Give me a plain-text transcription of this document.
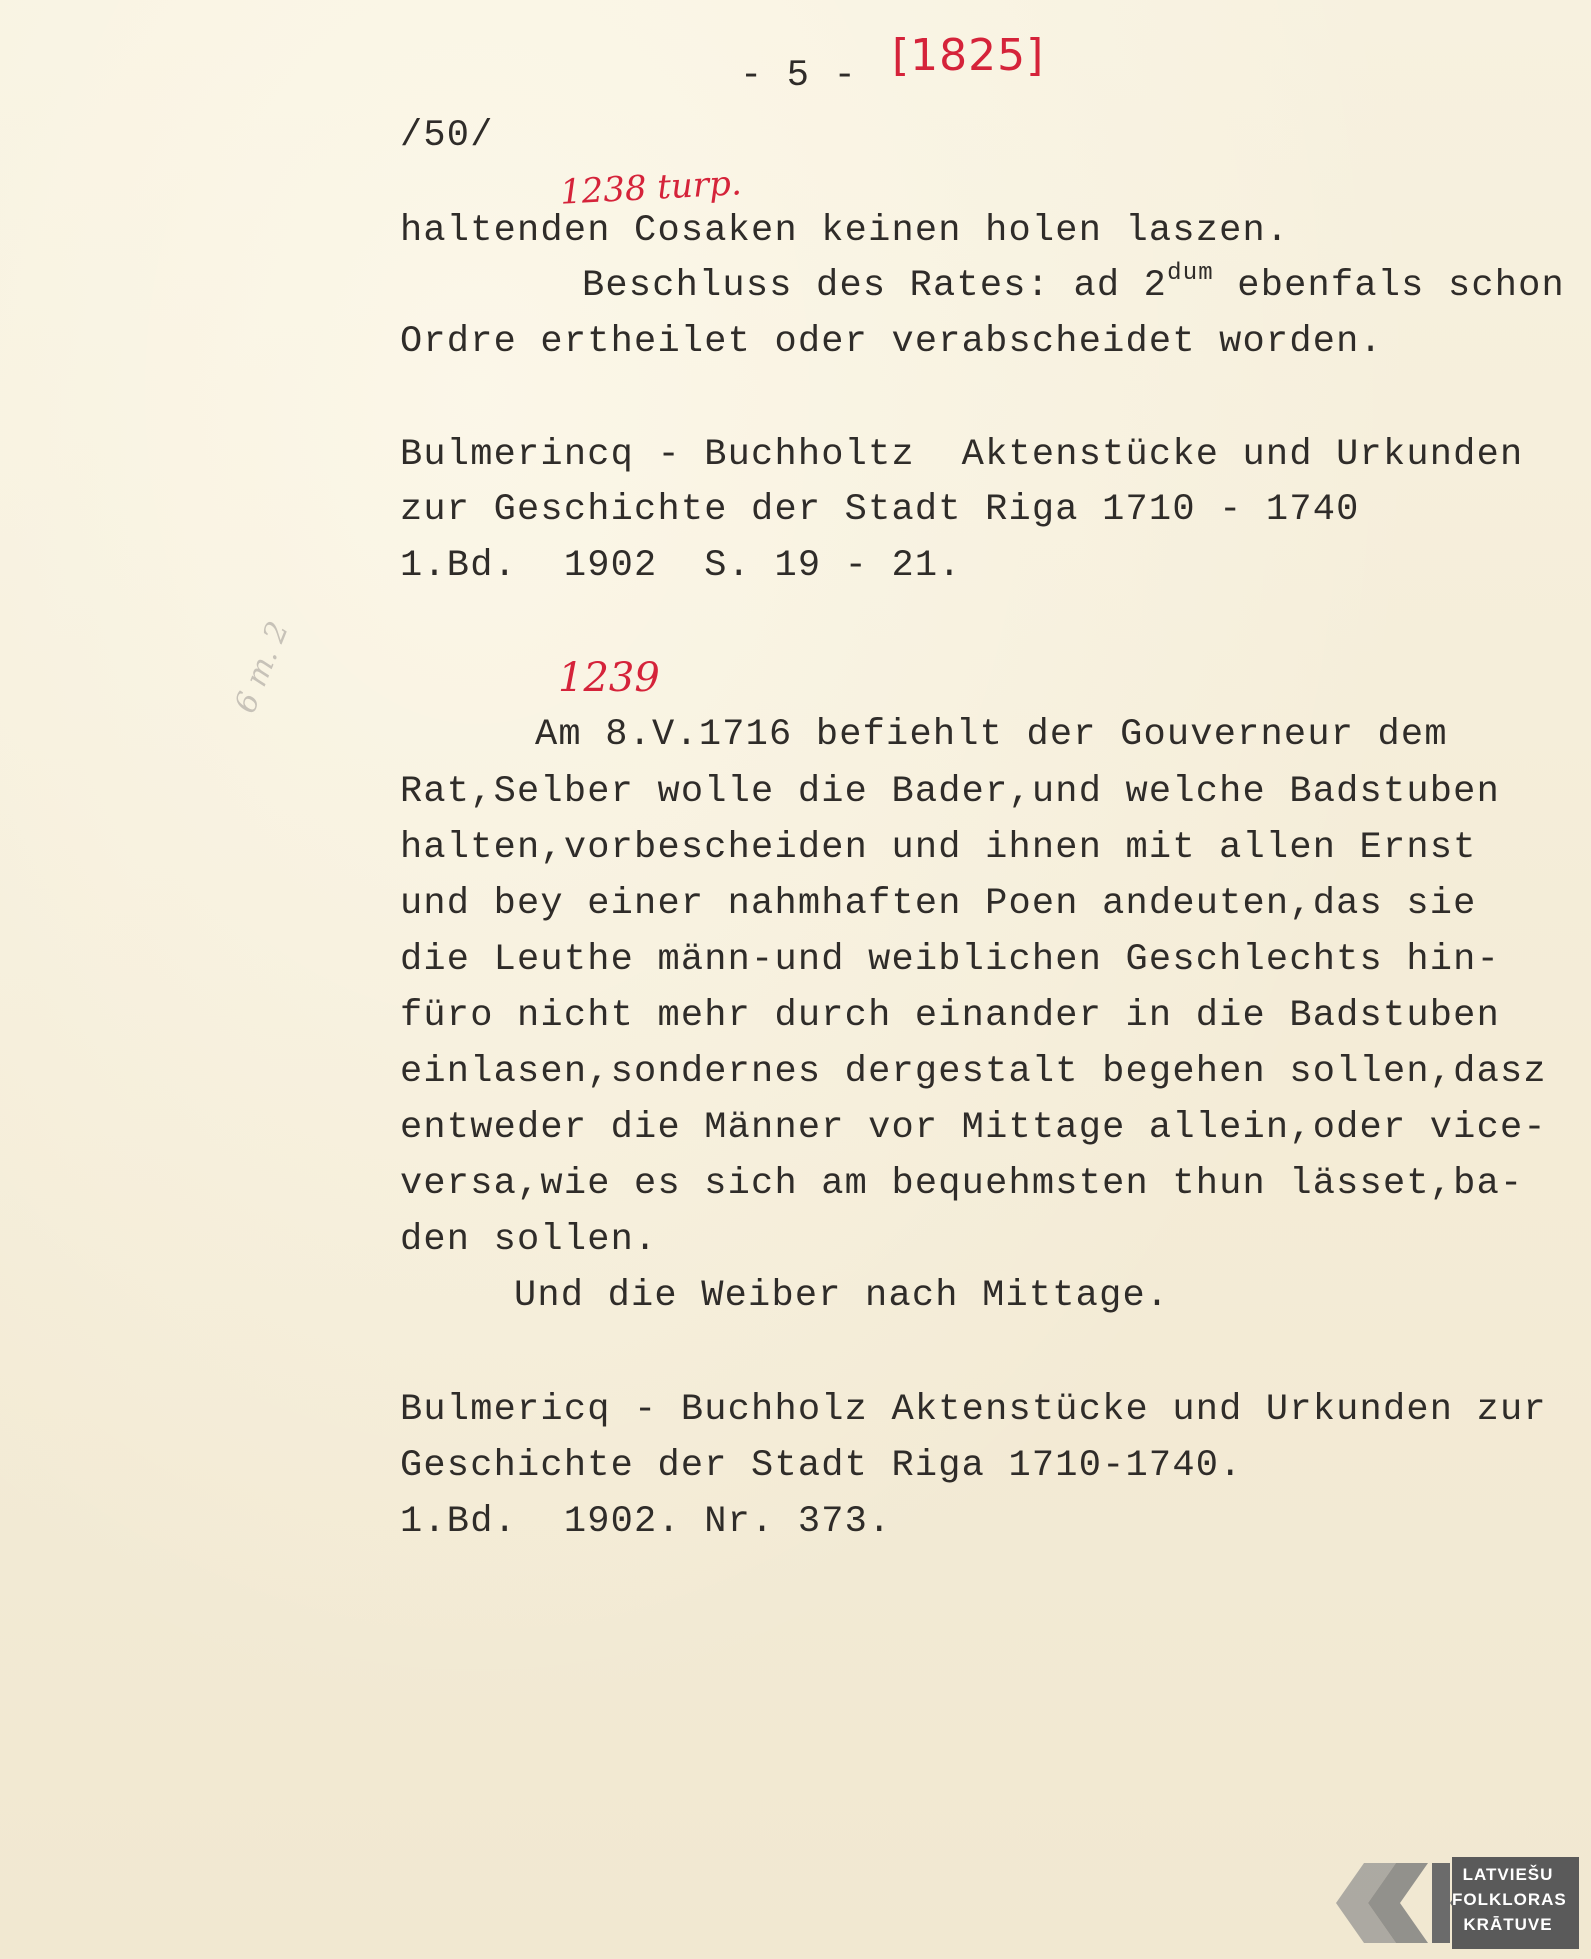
- 5 - [1825]
/50/
1238 turp.
haltenden Cosaken keinen holen laszen.
Beschluss des Rates: ad $2^{dum}$ ebenfals schon
Ordre ertheilet oder verabscheidet worden.
Bulmerincq - Buchholtz  Aktenstücke und Urkunden
zur Geschichte der Stadt Riga 1710 - 1740
1.Bd.  1902  S. 19 - 21.
1239
6 m. 2
Am 8.V.1716 befiehlt der Gouverneur dem
Rat,Selber wolle die Bader,und welche Badstuben
halten,vorbescheiden und ihnen mit allen Ernst
und bey einer nahmhaften Poen andeuten,das sie
die Leuthe männ-und weiblichen Geschlechts hin-
füro nicht mehr durch einander in die Badstuben
einlasen,sondernes dergestalt begehen sollen,dasz
entweder die Männer vor Mittage allein,oder vice-
versa,wie es sich am bequehmsten thun lässet,ba-
den sollen.
Und die Weiber nach Mittage.
Bulmericq - Buchholz Aktenstücke und Urkunden zur
Geschichte der Stadt Riga 1710-1740.
1.Bd.  1902. Nr. 373.
LATVIEŠU
FOLKLORAS
KRĀTUVE
